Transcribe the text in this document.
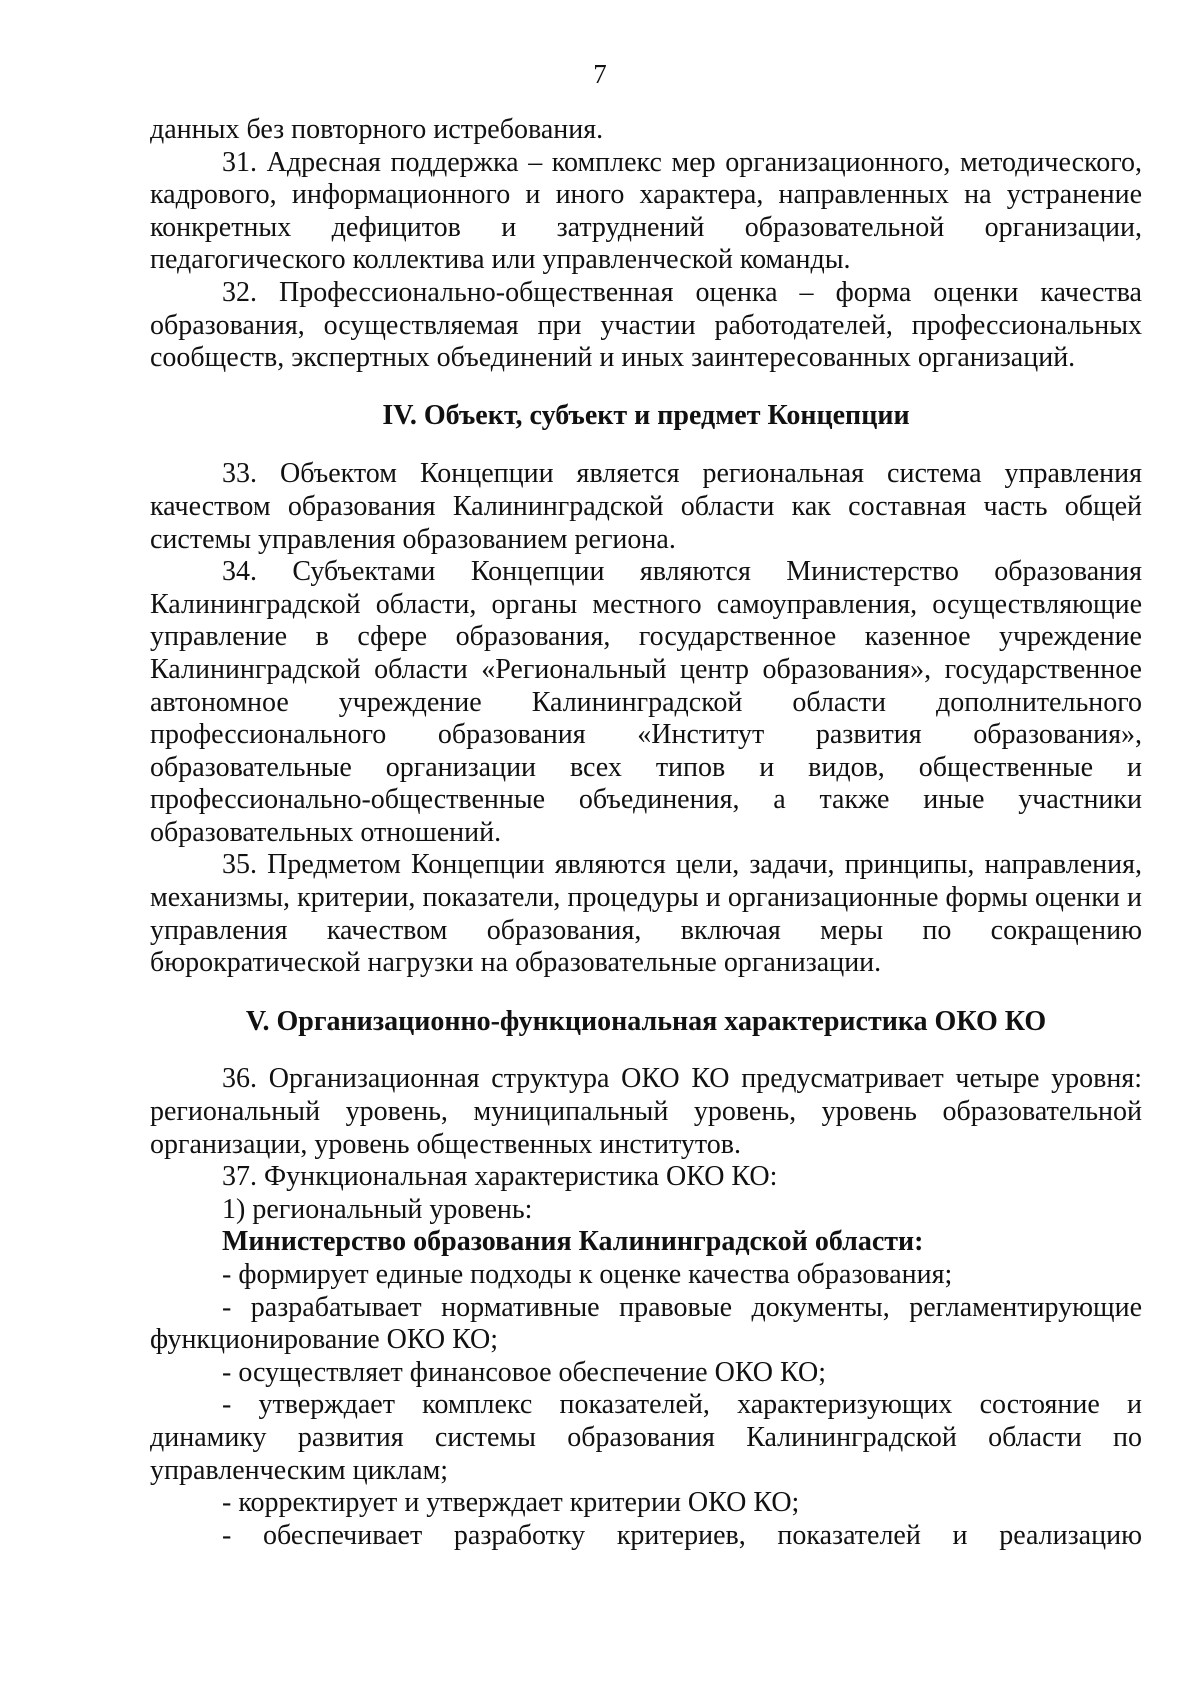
7

данных без повторного истребования.

31. Адресная поддержка – комплекс мер организационного, методического, кадрового, информационного и иного характера, направленных на устранение конкретных дефицитов и затруднений образовательной организации, педагогического коллектива или управленческой команды.

32. Профессионально-общественная оценка – форма оценки качества образования, осуществляемая при участии работодателей, профессиональных сообществ, экспертных объединений и иных заинтересованных организаций.

IV. Объект, субъект и предмет Концепции

33. Объектом Концепции является региональная система управления качеством образования Калининградской области как составная часть общей системы управления образованием региона.

34. Субъектами Концепции являются Министерство образования Калининградской области, органы местного самоуправления, осуществляющие управление в сфере образования, государственное казенное учреждение Калининградской области «Региональный центр образования», государственное автономное учреждение Калининградской области дополнительного профессионального образования «Институт развития образования», образовательные организации всех типов и видов, общественные и профессионально-общественные объединения, а также иные участники образовательных отношений.

35. Предметом Концепции являются цели, задачи, принципы, направления, механизмы, критерии, показатели, процедуры и организационные формы оценки и управления качеством образования, включая меры по сокращению бюрократической нагрузки на образовательные организации.

V. Организационно-функциональная характеристика ОКО КО

36. Организационная структура ОКО КО предусматривает четыре уровня: региональный уровень, муниципальный уровень, уровень образовательной организации, уровень общественных институтов.

37. Функциональная характеристика ОКО КО:

1) региональный уровень:

Министерство образования Калининградской области:

- формирует единые подходы к оценке качества образования;

- разрабатывает нормативные правовые документы, регламентирующие функционирование ОКО КО;

- осуществляет финансовое обеспечение ОКО КО;

- утверждает комплекс показателей, характеризующих состояние и динамику развития системы образования Калининградской области по управленческим циклам;

- корректирует и утверждает критерии ОКО КО;

- обеспечивает разработку критериев, показателей и реализацию
